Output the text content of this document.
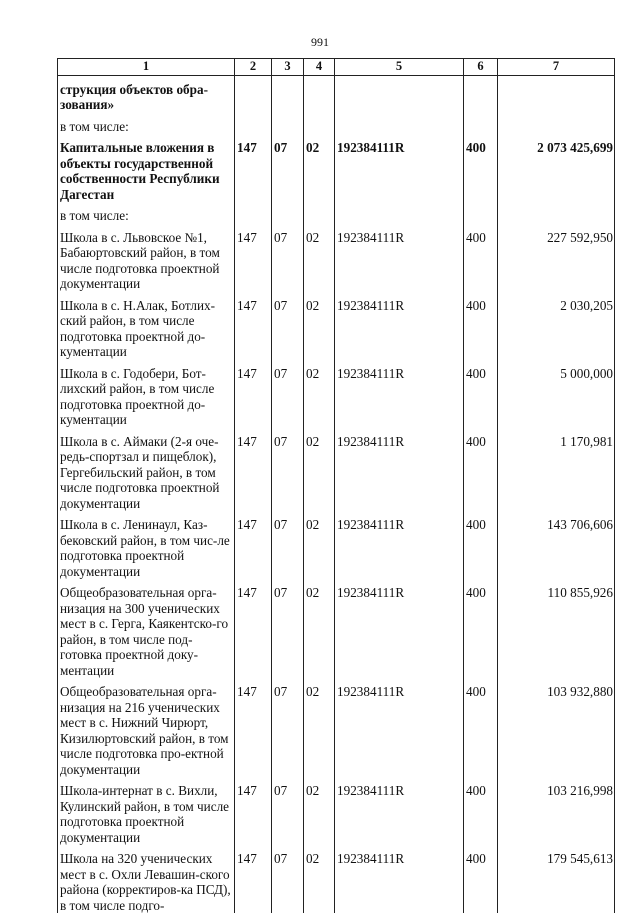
991
1	2	3	4	5	6	7
струкция объектов обра-зования»						
в том числе:						
Капитальные вложения в объекты государственной собственности Республики Дагестан	147	07	02	192384111R	400	2 073 425,699
в том числе:						
Школа в с. Львовское №1, Бабаюртовский район, в том числе подготовка проектной документации	147	07	02	192384111R	400	227 592,950
Школа в с. Н.Алак, Ботлих-ский район, в том числе подготовка проектной до-кументации	147	07	02	192384111R	400	2 030,205
Школа в с. Годобери, Бот-лихский район, в том числе подготовка проектной до-кументации	147	07	02	192384111R	400	5 000,000
Школа в с. Аймаки (2-я оче-редь-спортзал и пищеблок), Гергебильский район, в том числе подготовка проектной документации	147	07	02	192384111R	400	1 170,981
Школа в с. Ленинаул, Каз-бековский район, в том чис-ле подготовка проектной документации	147	07	02	192384111R	400	143 706,606
Общеобразовательная орга-низация на 300 ученических мест в с. Герга, Каякентско-го район, в том числе под-готовка проектной доку-ментации	147	07	02	192384111R	400	110 855,926
Общеобразовательная орга-низация на 216 ученических мест в с. Нижний Чирюрт, Кизилюртовский район, в том числе подготовка про-ектной документации	147	07	02	192384111R	400	103 932,880
Школа-интернат в с. Вихли, Кулинский район, в том числе подготовка проектной документации	147	07	02	192384111R	400	103 216,998
Школа на 320 ученических мест в с. Охли Левашин-ского района (корректиров-ка ПСД), в том числе подго-	147	07	02	192384111R	400	179 545,613
